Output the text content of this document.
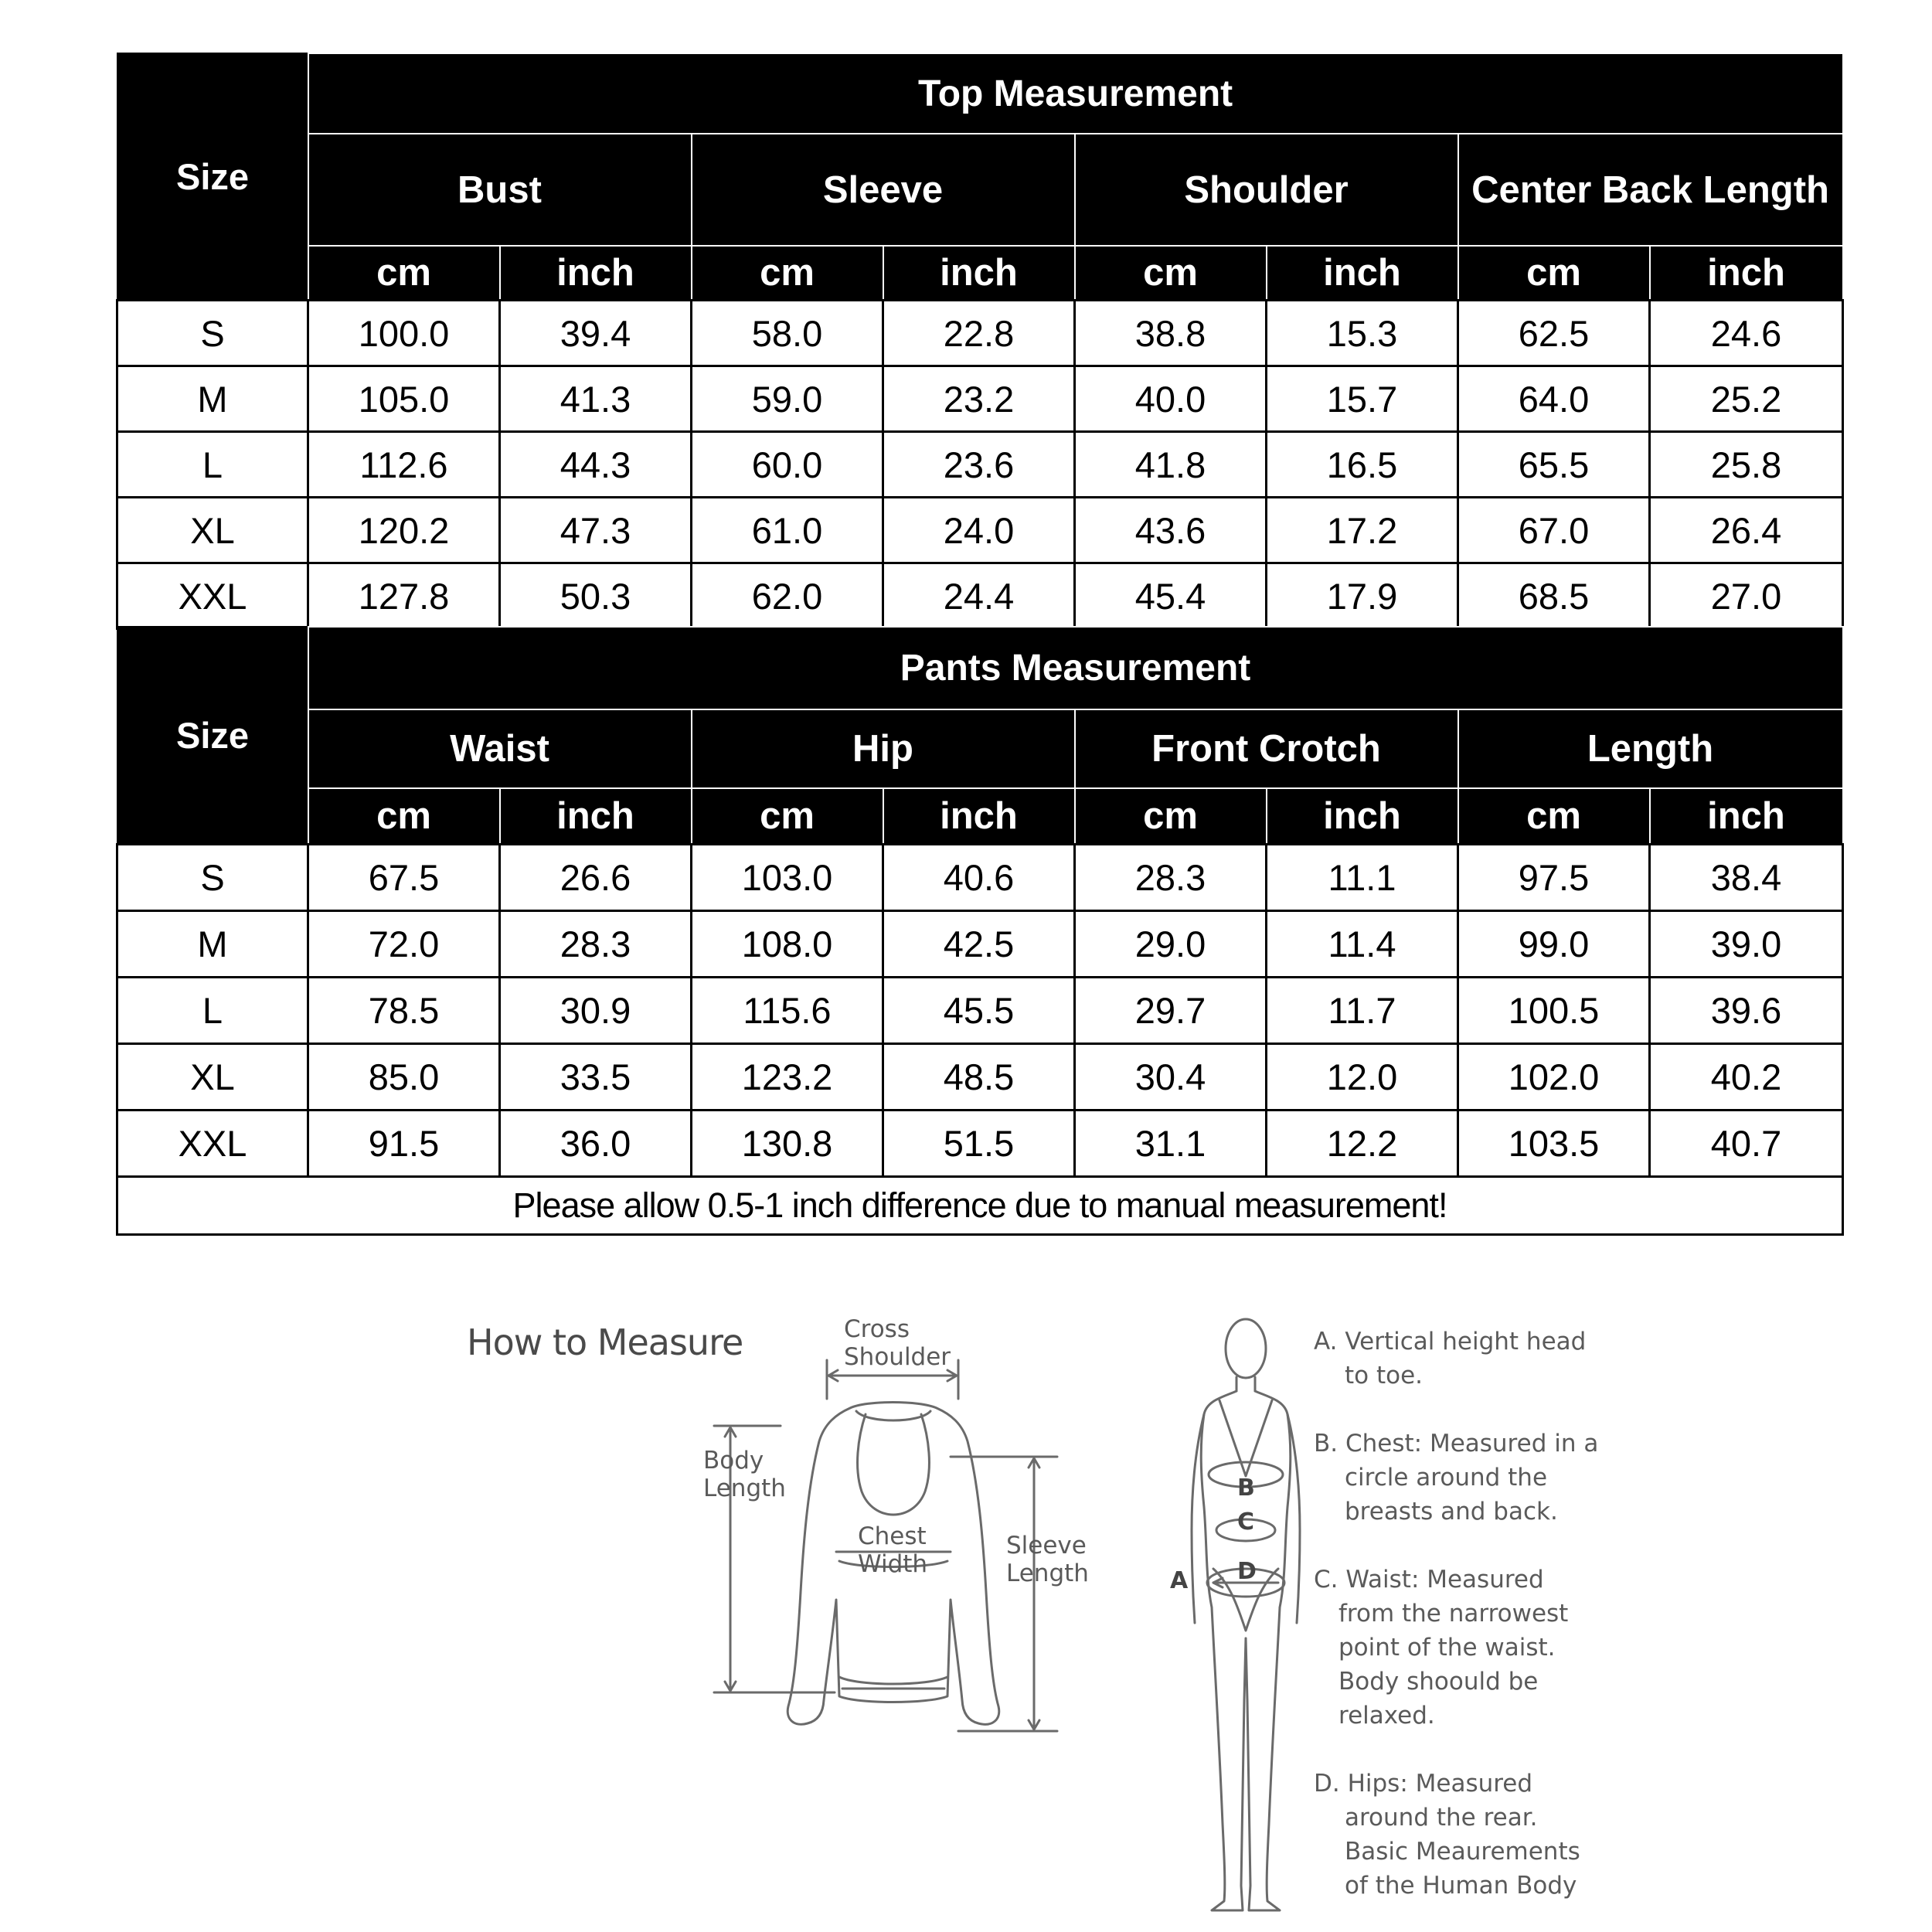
Size	Top Measurement							
	Bust		Sleeve		Shoulder		Center Back Length	
	cm	inch	cm	inch	cm	inch	cm	inch
S	100.0	39.4	58.0	22.8	38.8	15.3	62.5	24.6
M	105.0	41.3	59.0	23.2	40.0	15.7	64.0	25.2
L	112.6	44.3	60.0	23.6	41.8	16.5	65.5	25.8
XL	120.2	47.3	61.0	24.0	43.6	17.2	67.0	26.4
XXL	127.8	50.3	62.0	24.4	45.4	17.9	68.5	27.0
Size	Pants Measurement							
	Waist		Hip		Front Crotch		Length	
	cm	inch	cm	inch	cm	inch	cm	inch
S	67.5	26.6	103.0	40.6	28.3	11.1	97.5	38.4
M	72.0	28.3	108.0	42.5	29.0	11.4	99.0	39.0
L	78.5	30.9	115.6	45.5	29.7	11.7	100.5	39.6
XL	85.0	33.5	123.2	48.5	30.4	12.0	102.0	40.2
XXL	91.5	36.0	130.8	51.5	31.1	12.2	103.5	40.7
Please allow 0.5-1 inch difference due to manual measurement!								
How to Measure	Cross
Shoulder
Body
Length
Chest
Width
Sleeve
Length
B
C
D
A
A. Vertical height head
to toe.
B. Chest: Measured in a
circle around the
breasts and back.
C. Waist: Measured
from the narrowest
point of the waist.
Body shoould be
relaxed.
D. Hips: Measured
around the rear.
Basic Meaurements
of the Human Body
